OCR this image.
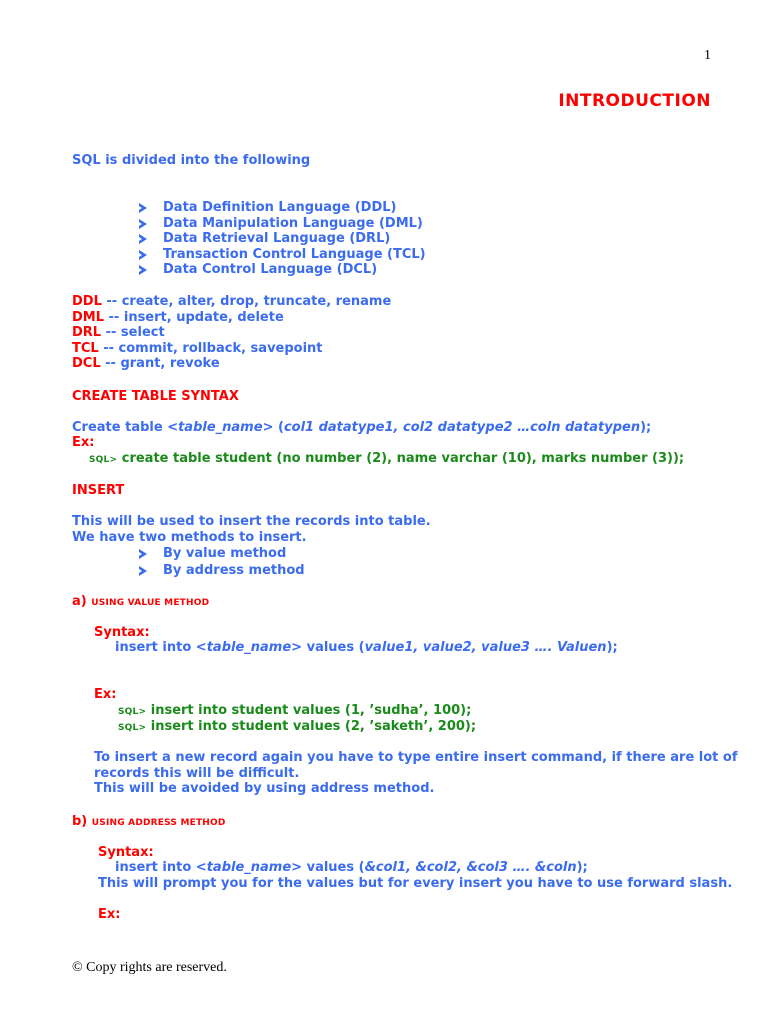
1
INTRODUCTION
SQL is divided into the following
Data Definition Language (DDL)
Data Manipulation Language (DML)
Data Retrieval Language (DRL)
Transaction Control Language (TCL)
Data Control Language (DCL)
DDL -- create, alter, drop, truncate, rename
DML -- insert, update, delete
DRL -- select
TCL -- commit, rollback, savepoint
DCL -- grant, revoke
CREATE TABLE SYNTAX
Create table <table_name> (col1 datatype1, col2 datatype2 …coln datatypen);
Ex:
SQL> create table student (no number (2), name varchar (10), marks number (3));
INSERT
This will be used to insert the records into table.
We have two methods to insert.
By value method
By address method
a) USING VALUE METHOD
Syntax:
insert into <table_name> values (value1, value2, value3 …. Valuen);
Ex:
SQL> insert into student values (1, ’sudha’, 100);
SQL> insert into student values (2, ’saketh’, 200);
To insert a new record again you have to type entire insert command, if there are lot of
records this will be difficult.
This will be avoided by using address method.
b) USING ADDRESS METHOD
Syntax:
insert into <table_name> values (&col1, &col2, &col3 …. &coln);
This will prompt you for the values but for every insert you have to use forward slash.
Ex:
© Copy rights are reserved.
